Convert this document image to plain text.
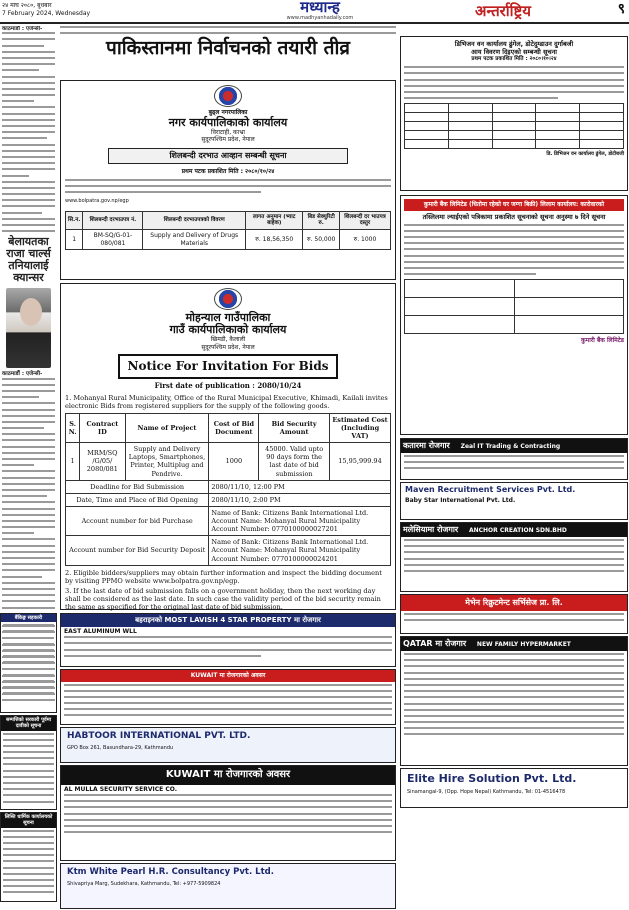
२४ माघ २०८०, बुधबार
7 February 2024, Wednesday	मध्यान्ह
www.madhyanhadaily.com	अन्तर्राष्ट्रिय	९
काठमाडौं : एजेन्सी-
बेलायतका राजा चार्ल्स तनियालाई क्यान्सर
काठमाडौं : एजेन्सी-
पाकिस्तानमा निर्वाचनको तयारी तीव्र
बुढ्ल नगरपालिका
नगर कार्यपालिकाको कार्यालय
विराटाही, काभ्रा
सुदूरपश्चिम प्रदेश, नेपाल
शिलबन्दी दरभाउ आव्हान सम्बन्धी सूचना
प्रथम पटक प्रकाशित मिति : २०८०/१०/२४
www.bolpatra.gov.np/egp
सि.न.	शिलबन्दी दरभाउपत्र नं.	शिलबन्दी दरभाउपत्रको विवरण	लागत अनुमान (भ्याट बाहेक)	बिड सेक्युरिटी रु.	शिलबन्दी दर भाउपत्र दस्तुर
1	BM-SQ/G-01-080/081	Supply and Delivery of Drugs Materials	रु. 18,56,350	रु. 50,000	रु. 1000
मोहन्याल गाउँपालिका
गाउँ कार्यपालिकाको कार्यालय
खिमडी, कैलाली
सुदूरपश्चिम प्रदेश, नेपाल
Notice For Invitation For Bids
First date of publication : 2080/10/24

1. Mohanyal Rural Municipality, Office of the Rural Municipal Executive, Khimadi, Kailali invites electronic Bids from registered suppliers for the supply of the following goods.

S. N.	Contract ID	Name of Project	Cost of Bid Document	Bid Security Amount	Estimated Cost (Including VAT)
1	MRM/SQ /G/05/ 2080/081	Supply and Delivery Laptops, Smartphones, Printer, Multiplug and Pendrive.	1000	45000. Valid upto 90 days form the last date of bid submission	15,95,999.94
Deadline for Bid Submission			2080/11/10, 12:00 PM		
Date, Time and Place of Bid Opening			2080/11/10, 2:00 PM		
Account number for bid Purchase			Name of Bank: Citizens Bank International Ltd. Account Name: Mohanyal Rural Municipality Account Number: 0770100000027201		
Account number for Bid Security Deposit			Name of Bank: Citizens Bank International Ltd. Account Name: Mohanyal Rural Municipality Account Number: 0770100000024201		

2. Eligible bidders/suppliers may obtain further information and inspect the bidding document by visiting PPMO website www.bolpatra.gov.np/egp.

3. If the last date of bid submission falls on a government holiday, then the next working day shall be considered as the last date. In such case the validity period of the bid security remain the same as specified for the original last date of bid submission.

बैंकिङ्ग सहकारी
सम्पत्तिको सरकारी पूर्वमा दावीको सूचना
लिस्ति धार्मिक कार्यालयको सूचना
बहराइनको MOST LAVISH 4 STAR PROPERTY मा रोजगार
EAST ALUMINUM WLL
KUWAIT मा रोजगारको अवसर
HABTOOR INTERNATIONAL PVT. LTD.
GPO Box 261, Basundhara-29, Kathmandu
KUWAIT मा रोजगारको अवसर
AL MULLA SECURITY SERVICE CO.
Ktm White Pearl H.R. Consultancy Pvt. Ltd.
Shivapriya Marg, Sudekhara, Kathmandu, Tel: +977-5909824
डिभिजन वन कार्यालय ढुंगेल, डोटेदुम्डाउन दुर्गाबजी
आय विवरण दिइएको सम्बन्धी सूचना
प्रथम पटक प्रकाशित मिति : २०८०।१०।२४

डि. डिभिजन वन कार्यालय ढुंगेल, डोटीबजी
कुमारी बैंक लिमिटेड (धितोमा रहेको घर जग्गा बिक्री) लिलाम कार्यालय: कारोवारको
तस्लिलमा ल्याईएको पत्रिकामा प्रकाशित सूचनाको सूचना अनुस्मा ७ दिने सूचना

कुमारी बैंक लिमिटेड
कतारमा रोजगार Zeal IT Trading & Contracting
Maven Recruitment Services Pvt. Ltd.
Baby Star International Pvt. Ltd.
मलेसियामा रोजगार ANCHOR CREATION SDN.BHD
मेभेन रिक्रुटमेन्ट सर्भिसेज प्रा. लि.
QATAR मा रोजगार NEW FAMILY HYPERMARKET
Elite Hire Solution Pvt. Ltd.
Sinamangal-9, (Opp. Hope Nepal) Kathmandu, Tel: 01-4516478
